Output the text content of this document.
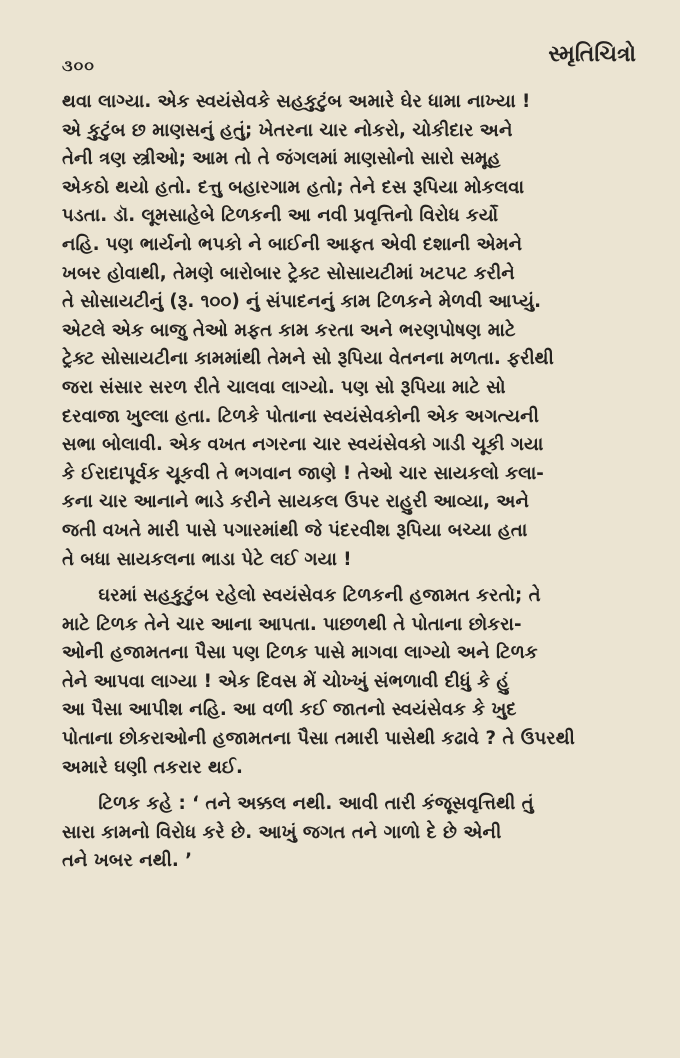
૩૦૦	સ્મૃતિચિત્રો

થવા લાગ્યા. એક સ્વયંસેવકે સહકુટુંબ અમારે ઘેર ધામા નાખ્યા !
એ કુટુંબ છ માણસનું હતું; ખેતરના ચાર નોકરો, ચોકીદાર અને
તેની ત્રણ સ્ત્રીઓ; આમ તો તે જંગલમાં માણસોનો સારો સમૂહ
એકઠો થયો હતો. દત્તુ બહારગામ હતો; તેને દસ રૂપિયા મોકલવા
પડતા. ડૉ. લૂમસાહેબે ટિળકની આ નવી પ્રવૃત્તિનો વિરોધ કર્યો
નહિ. પણ ભાર્યનો ભપકો ને બાઈની આફત એવી દશાની એમને
ખબર હોવાથી, તેમણે બારોબાર ટ્રેક્ટ સોસાયટીમાં ખટપટ કરીને
તે સોસાયટીનું (રૂ. ૧૦૦) નું સંપાદનનું કામ ટિળકને મેળવી આપ્યું.
એટલે એક બાજુ તેઓ મફત કામ કરતા અને ભરણપોષણ માટે
ટ્રેક્ટ સોસાયટીના કામમાંથી તેમને સો રૂપિયા વેતનના મળતા. ફરીથી
જરા સંસાર સરળ રીતે ચાલવા લાગ્યો. પણ સો રૂપિયા માટે સો
દરવાજા ખુલ્લા હતા. ટિળકે પોતાના સ્વયંસેવકોની એક અગત્યની
સભા બોલાવી. એક વખત નગરના ચાર સ્વયંસેવકો ગાડી ચૂકી ગયા
કે ઈરાદાપૂર્વક ચૂકવી તે ભગવાન જાણે ! તેઓ ચાર સાયકલો કલા-
કના ચાર આનાને ભાડે કરીને સાયકલ ઉપર રાહુરી આવ્યા, અને
જતી વખતે મારી પાસે પગારમાંથી જે પંદરવીશ રૂપિયા બચ્યા હતા
તે બધા સાયકલના ભાડા પેટે લઈ ગયા !

ઘરમાં સહકુટુંબ રહેલો સ્વયંસેવક ટિળકની હજામત કરતો; તે
માટે ટિળક તેને ચાર આના આપતા. પાછળથી તે પોતાના છોકરા-
ઓની હજામતના પૈસા પણ ટિળક પાસે માગવા લાગ્યો અને ટિળક
તેને આપવા લાગ્યા ! એક દિવસ મેં ચોખ્ખું સંભળાવી દીધું કે હું
આ પૈસા આપીશ નહિ. આ વળી કઈ જાતનો સ્વયંસેવક કે ખુદ
પોતાના છોકરાઓની હજામતના પૈસા તમારી પાસેથી કઢાવે ? તે ઉપરથી
અમારે ઘણી તકરાર થઈ.

ટિળક કહે : ‘ તને અક્કલ નથી. આવી તારી કંજૂસવૃત્તિથી તું
સારા કામનો વિરોધ કરે છે. આખું જગત તને ગાળો દે છે એની
તને ખબર નથી. ’
